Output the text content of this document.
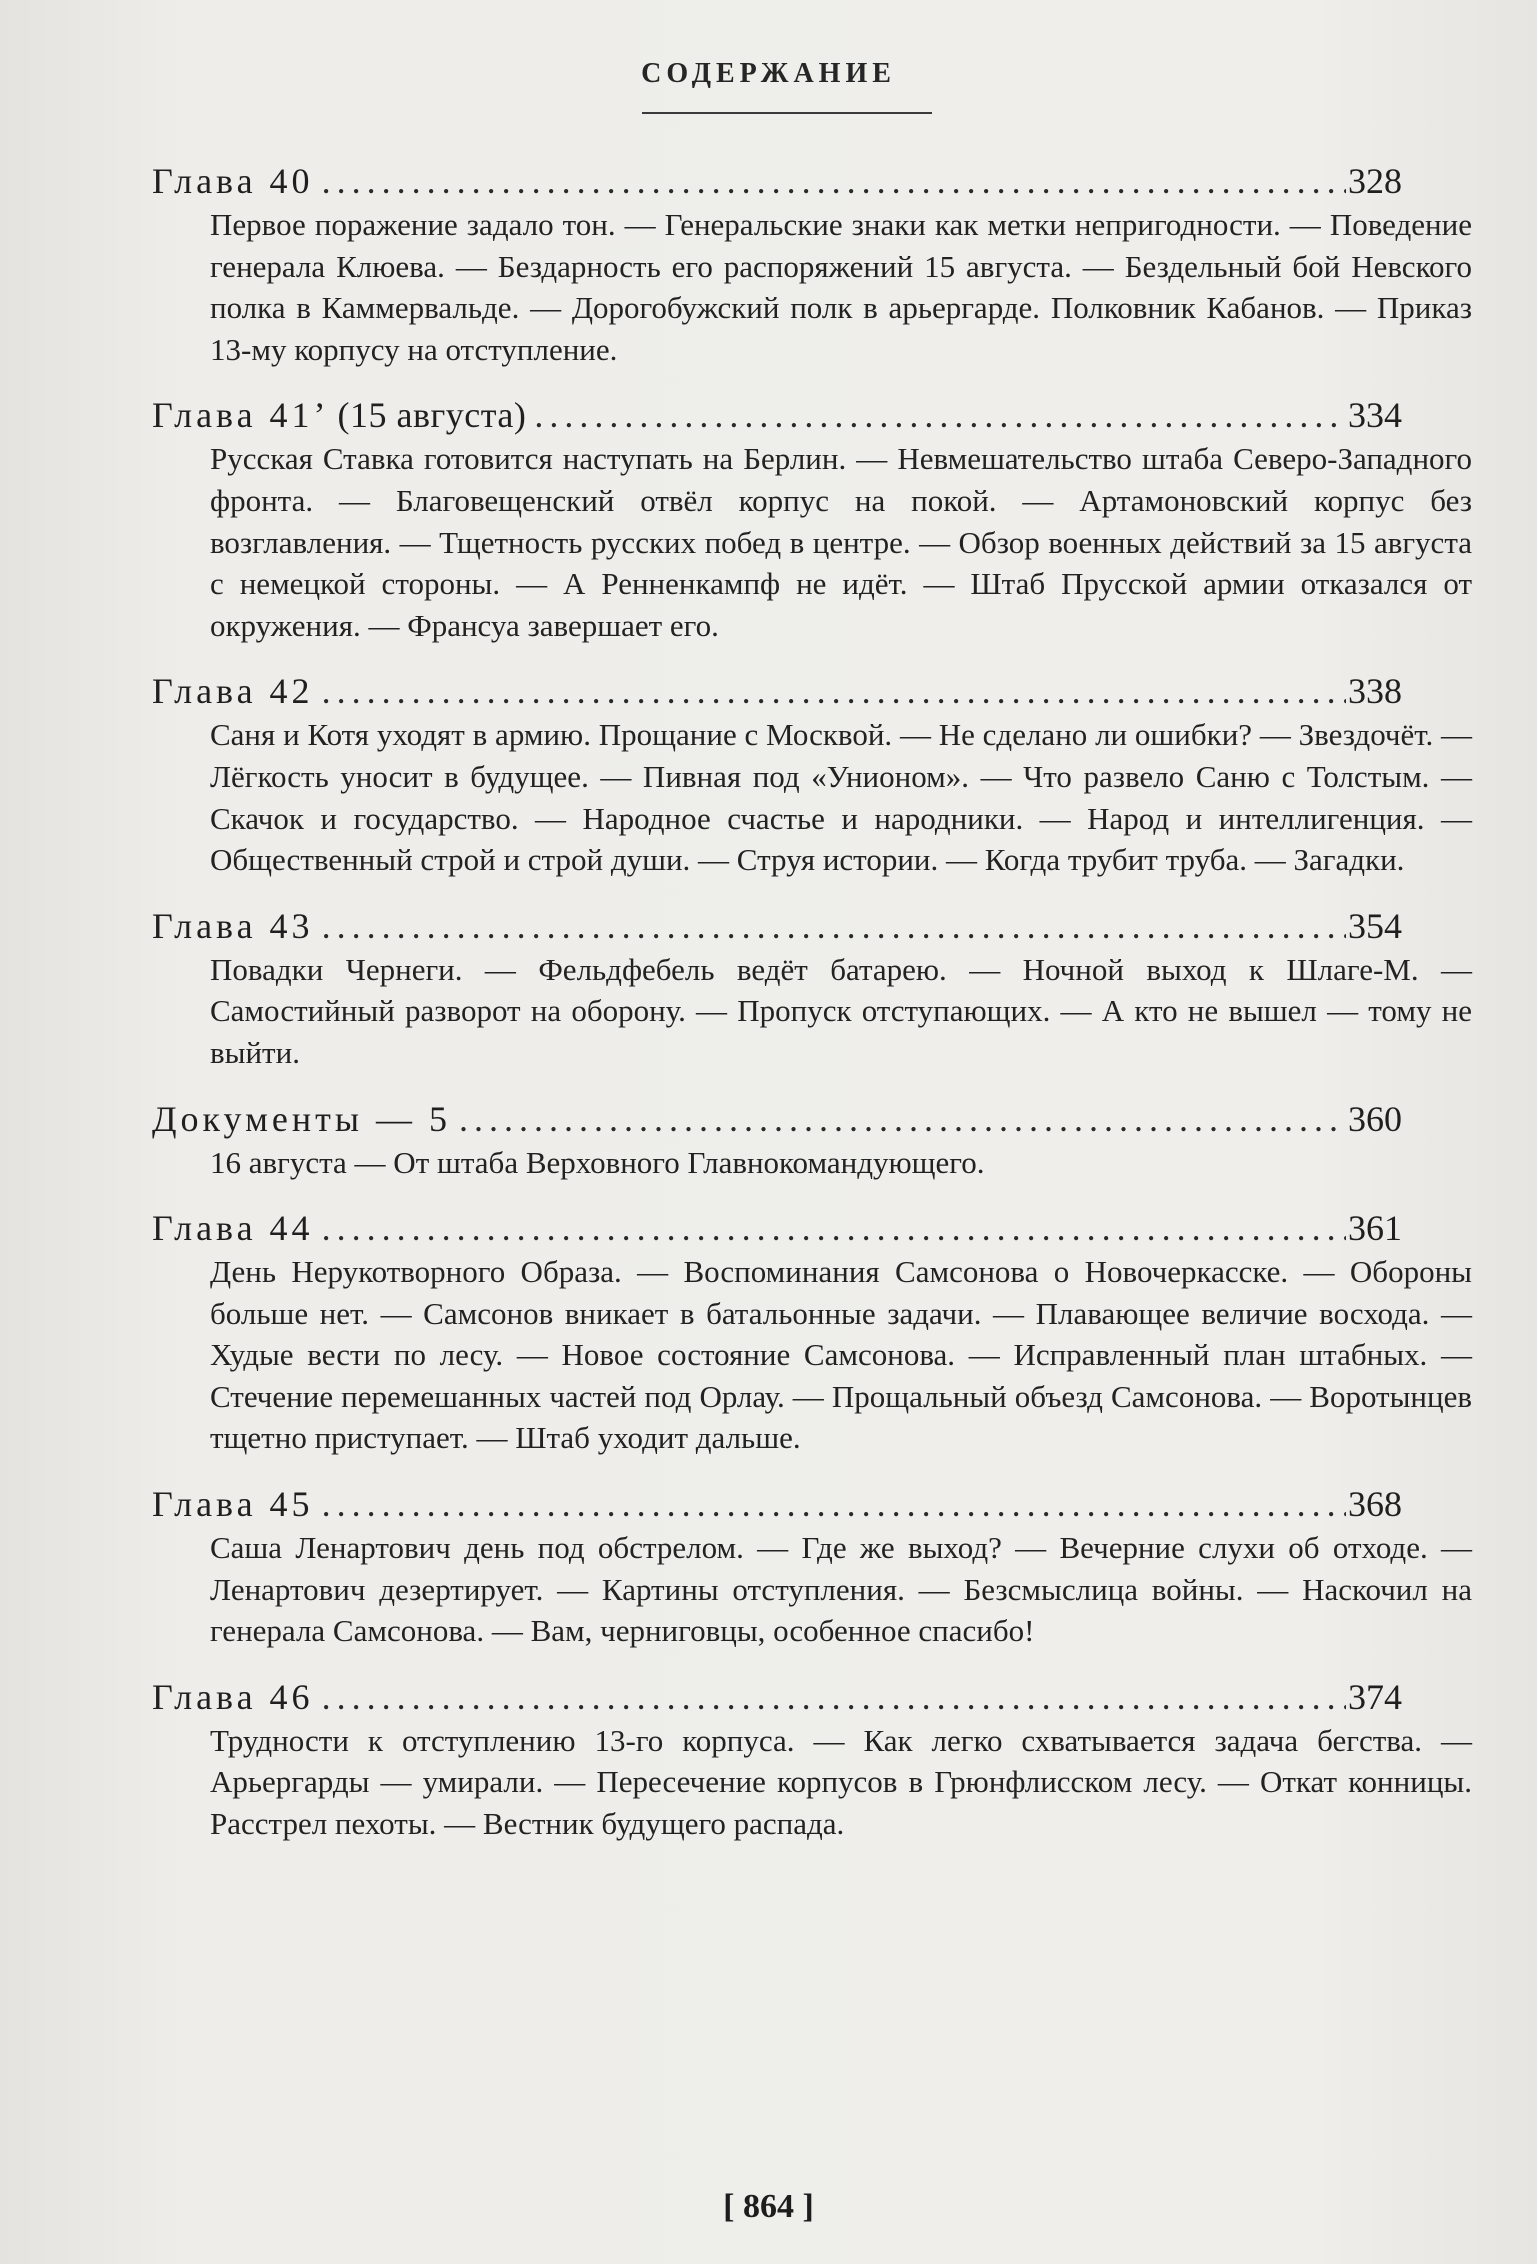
СОДЕРЖАНИЕ
Глава 40 .....	328
Первое поражение задало тон. — Генеральские знаки как метки непригодности. — Поведение генерала Клюева. — Бездарность его распоряжений 15 августа. — Бездельный бой Невского полка в Каммервальде. — Дорогобужский полк в арьергарде. Полковник Кабанов. — Приказ 13-му корпусу на отступление.
Глава 41’ (15 августа) .....	334
Русская Ставка готовится наступать на Берлин. — Невмешательство штаба Северо-Западного фронта. — Благовещенский отвёл корпус на покой. — Артамоновский корпус без возглавления. — Тщетность русских побед в центре. — Обзор военных действий за 15 августа с немецкой стороны. — А Ренненкампф не идёт. — Штаб Прусской армии отказался от окружения. — Франсуа завершает его.
Глава 42 .....	338
Саня и Котя уходят в армию. Прощание с Москвой. — Не сделано ли ошибки? — Звездочёт. — Лёгкость уносит в будущее. — Пивная под «Унионом». — Что развело Саню с Толстым. — Скачок и государство. — Народное счастье и народники. — Народ и интеллигенция. — Общественный строй и строй души. — Струя истории. — Когда трубит труба. — Загадки.
Глава 43 .....	354
Повадки Чернеги. — Фельдфебель ведёт батарею. — Ночной выход к Шлаге-М. — Самостийный разворот на оборону. — Пропуск отступающих. — А кто не вышел — тому не выйти.
Документы — 5 .....	360
16 августа — От штаба Верховного Главнокомандующего.
Глава 44 .....	361
День Нерукотворного Образа. — Воспоминания Самсонова о Новочеркасске. — Обороны больше нет. — Самсонов вникает в батальонные задачи. — Плавающее величие восхода. — Худые вести по лесу. — Новое состояние Самсонова. — Исправленный план штабных. — Стечение перемешанных частей под Орлау. — Прощальный объезд Самсонова. — Воротынцев тщетно приступает. — Штаб уходит дальше.
Глава 45 .....	368
Саша Ленартович день под обстрелом. — Где же выход? — Вечерние слухи об отходе. — Ленартович дезертирует. — Картины отступления. — Безсмыслица войны. — Наскочил на генерала Самсонова. — Вам, черниговцы, особенное спасибо!
Глава 46 .....	374
Трудности к отступлению 13-го корпуса. — Как легко схватывается задача бегства. — Арьергарды — умирали. — Пересечение корпусов в Грюнфлисском лесу. — Откат конницы. Расстрел пехоты. — Вестник будущего распада.
[ 864 ]
